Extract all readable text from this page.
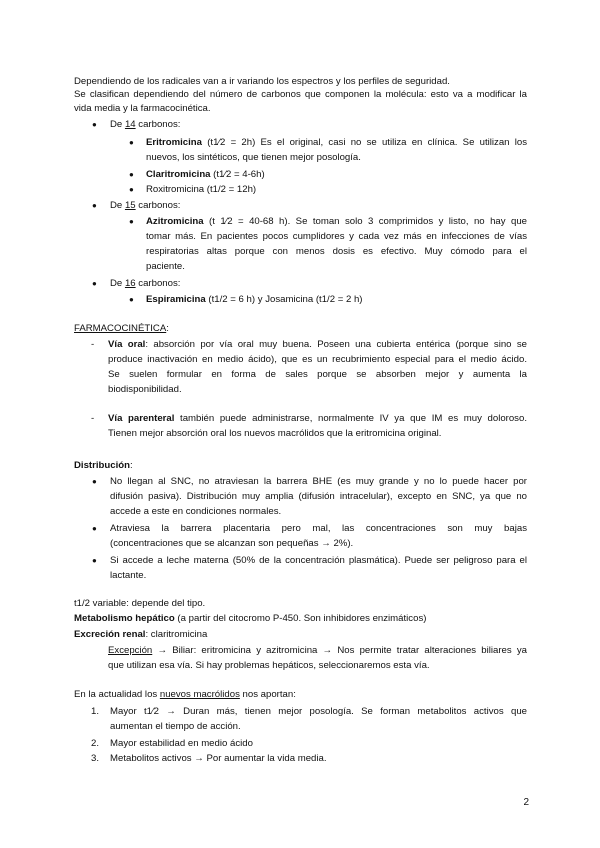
Dependiendo de los radicales van a ir variando los espectros y los perfiles de seguridad.
Se clasifican dependiendo del número de carbonos que componen la molécula: esto va a modificar la
vida media y la farmacocinética.
● De 14 carbonos:
● Eritromicina (t1⁄2 = 2h) Es el original, casi no se utiliza en clínica. Se utilizan los
nuevos, los sintéticos, que tienen mejor posología.
● Claritromicina (t1⁄2 = 4-6h)
● Roxitromicina (t1/2 = 12h)
● De 15 carbonos:
● Azitromicina (t 1⁄2 = 40-68 h). Se toman solo 3 comprimidos y listo, no hay que
tomar más. En pacientes pocos cumplidores y cada vez más en infecciones de vías
respiratorias altas porque con menos dosis es efectivo. Muy cómodo para el
paciente.
● De 16 carbonos:
● Espiramicina (t1/2 = 6 h) y Josamicina (t1/2 = 2 h)
FARMACOCINÉTICA:
- Vía oral: absorción por vía oral muy buena. Poseen una cubierta entérica (porque sino se
produce inactivación en medio ácido), que es un recubrimiento especial para el medio ácido.
Se suelen formular en forma de sales porque se absorben mejor y aumenta la
biodisponibilidad.
- Vía parenteral también puede administrarse, normalmente IV ya que IM es muy doloroso.
Tienen mejor absorción oral los nuevos macrólidos que la eritromicina original.
Distribución:
● No llegan al SNC, no atraviesan la barrera BHE (es muy grande y no lo puede hacer por
difusión pasiva). Distribución muy amplia (difusión intracelular), excepto en SNC, ya que no
accede a este en condiciones normales.
● Atraviesa la barrera placentaria pero mal, las concentraciones son muy bajas
(concentraciones que se alcanzan son pequeñas → 2%).
● Si accede a leche materna (50% de la concentración plasmática). Puede ser peligroso para el
lactante.
t1/2 variable: depende del tipo.
Metabolismo hepático (a partir del citocromo P-450. Son inhibidores enzimáticos)
Excreción renal: claritromicina
Excepción → Biliar: eritromicina y azitromicina → Nos permite tratar alteraciones biliares ya
que utilizan esa vía. Si hay problemas hepáticos, seleccionaremos esta vía.
En la actualidad los nuevos macrólidos nos aportan:
1. Mayor t1⁄2 → Duran más, tienen mejor posología. Se forman metabolitos activos que
aumentan el tiempo de acción.
2. Mayor estabilidad en medio ácido
3. Metabolitos activos → Por aumentar la vida media.
2
